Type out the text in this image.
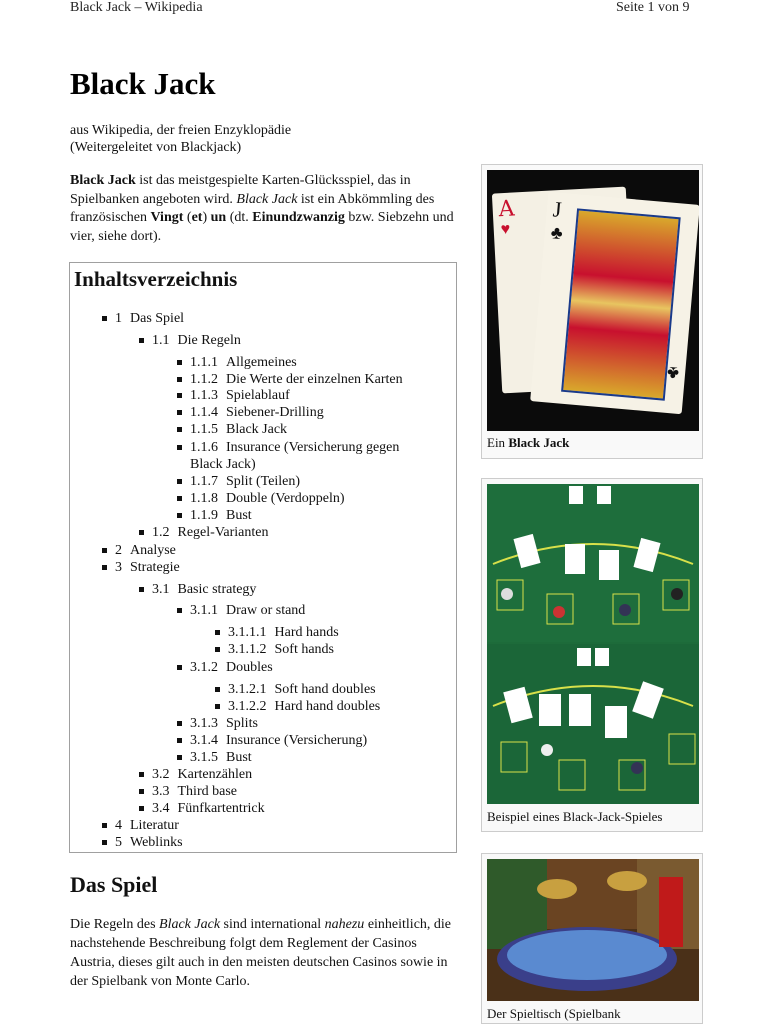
Black Jack – Wikipedia	Seite 1 von 9
Black Jack
aus Wikipedia, der freien Enzyklopädie
(Weitergeleitet von Blackjack)
Black Jack ist das meistgespielte Karten-Glücksspiel, das in Spielbanken angeboten wird. Black Jack ist ein Abkömmling des französischen Vingt (et) un (dt. Einundzwanzig bzw. Siebzehn und vier, siehe dort).
Inhaltsverzeichnis
1 Das Spiel
1.1 Die Regeln
1.1.1 Allgemeines
1.1.2 Die Werte der einzelnen Karten
1.1.3 Spielablauf
1.1.4 Siebener-Drilling
1.1.5 Black Jack
1.1.6 Insurance (Versicherung gegen
Black Jack)
1.1.7 Split (Teilen)
1.1.8 Double (Verdoppeln)
1.1.9 Bust
1.2 Regel-Varianten
2 Analyse
3 Strategie
3.1 Basic strategy
3.1.1 Draw or stand
3.1.1.1 Hard hands
3.1.1.2 Soft hands
3.1.2 Doubles
3.1.2.1 Soft hand doubles
3.1.2.2 Hard hand doubles
3.1.3 Splits
3.1.4 Insurance (Versicherung)
3.1.5 Bust
3.2 Kartenzählen
3.3 Third base
3.4 Fünfkartentrick
4 Literatur
5 Weblinks
Das Spiel
Die Regeln des Black Jack sind international nahezu einheitlich, die nachstehende Beschreibung folgt dem Reglement der Casinos Austria, dieses gilt auch in den meisten deutschen Casinos sowie in der Spielbank von Monte Carlo.
A
♥
J
♣
♣
Ein Black Jack
Beispiel eines Black-Jack-Spieles
Der Spieltisch (Spielbank
